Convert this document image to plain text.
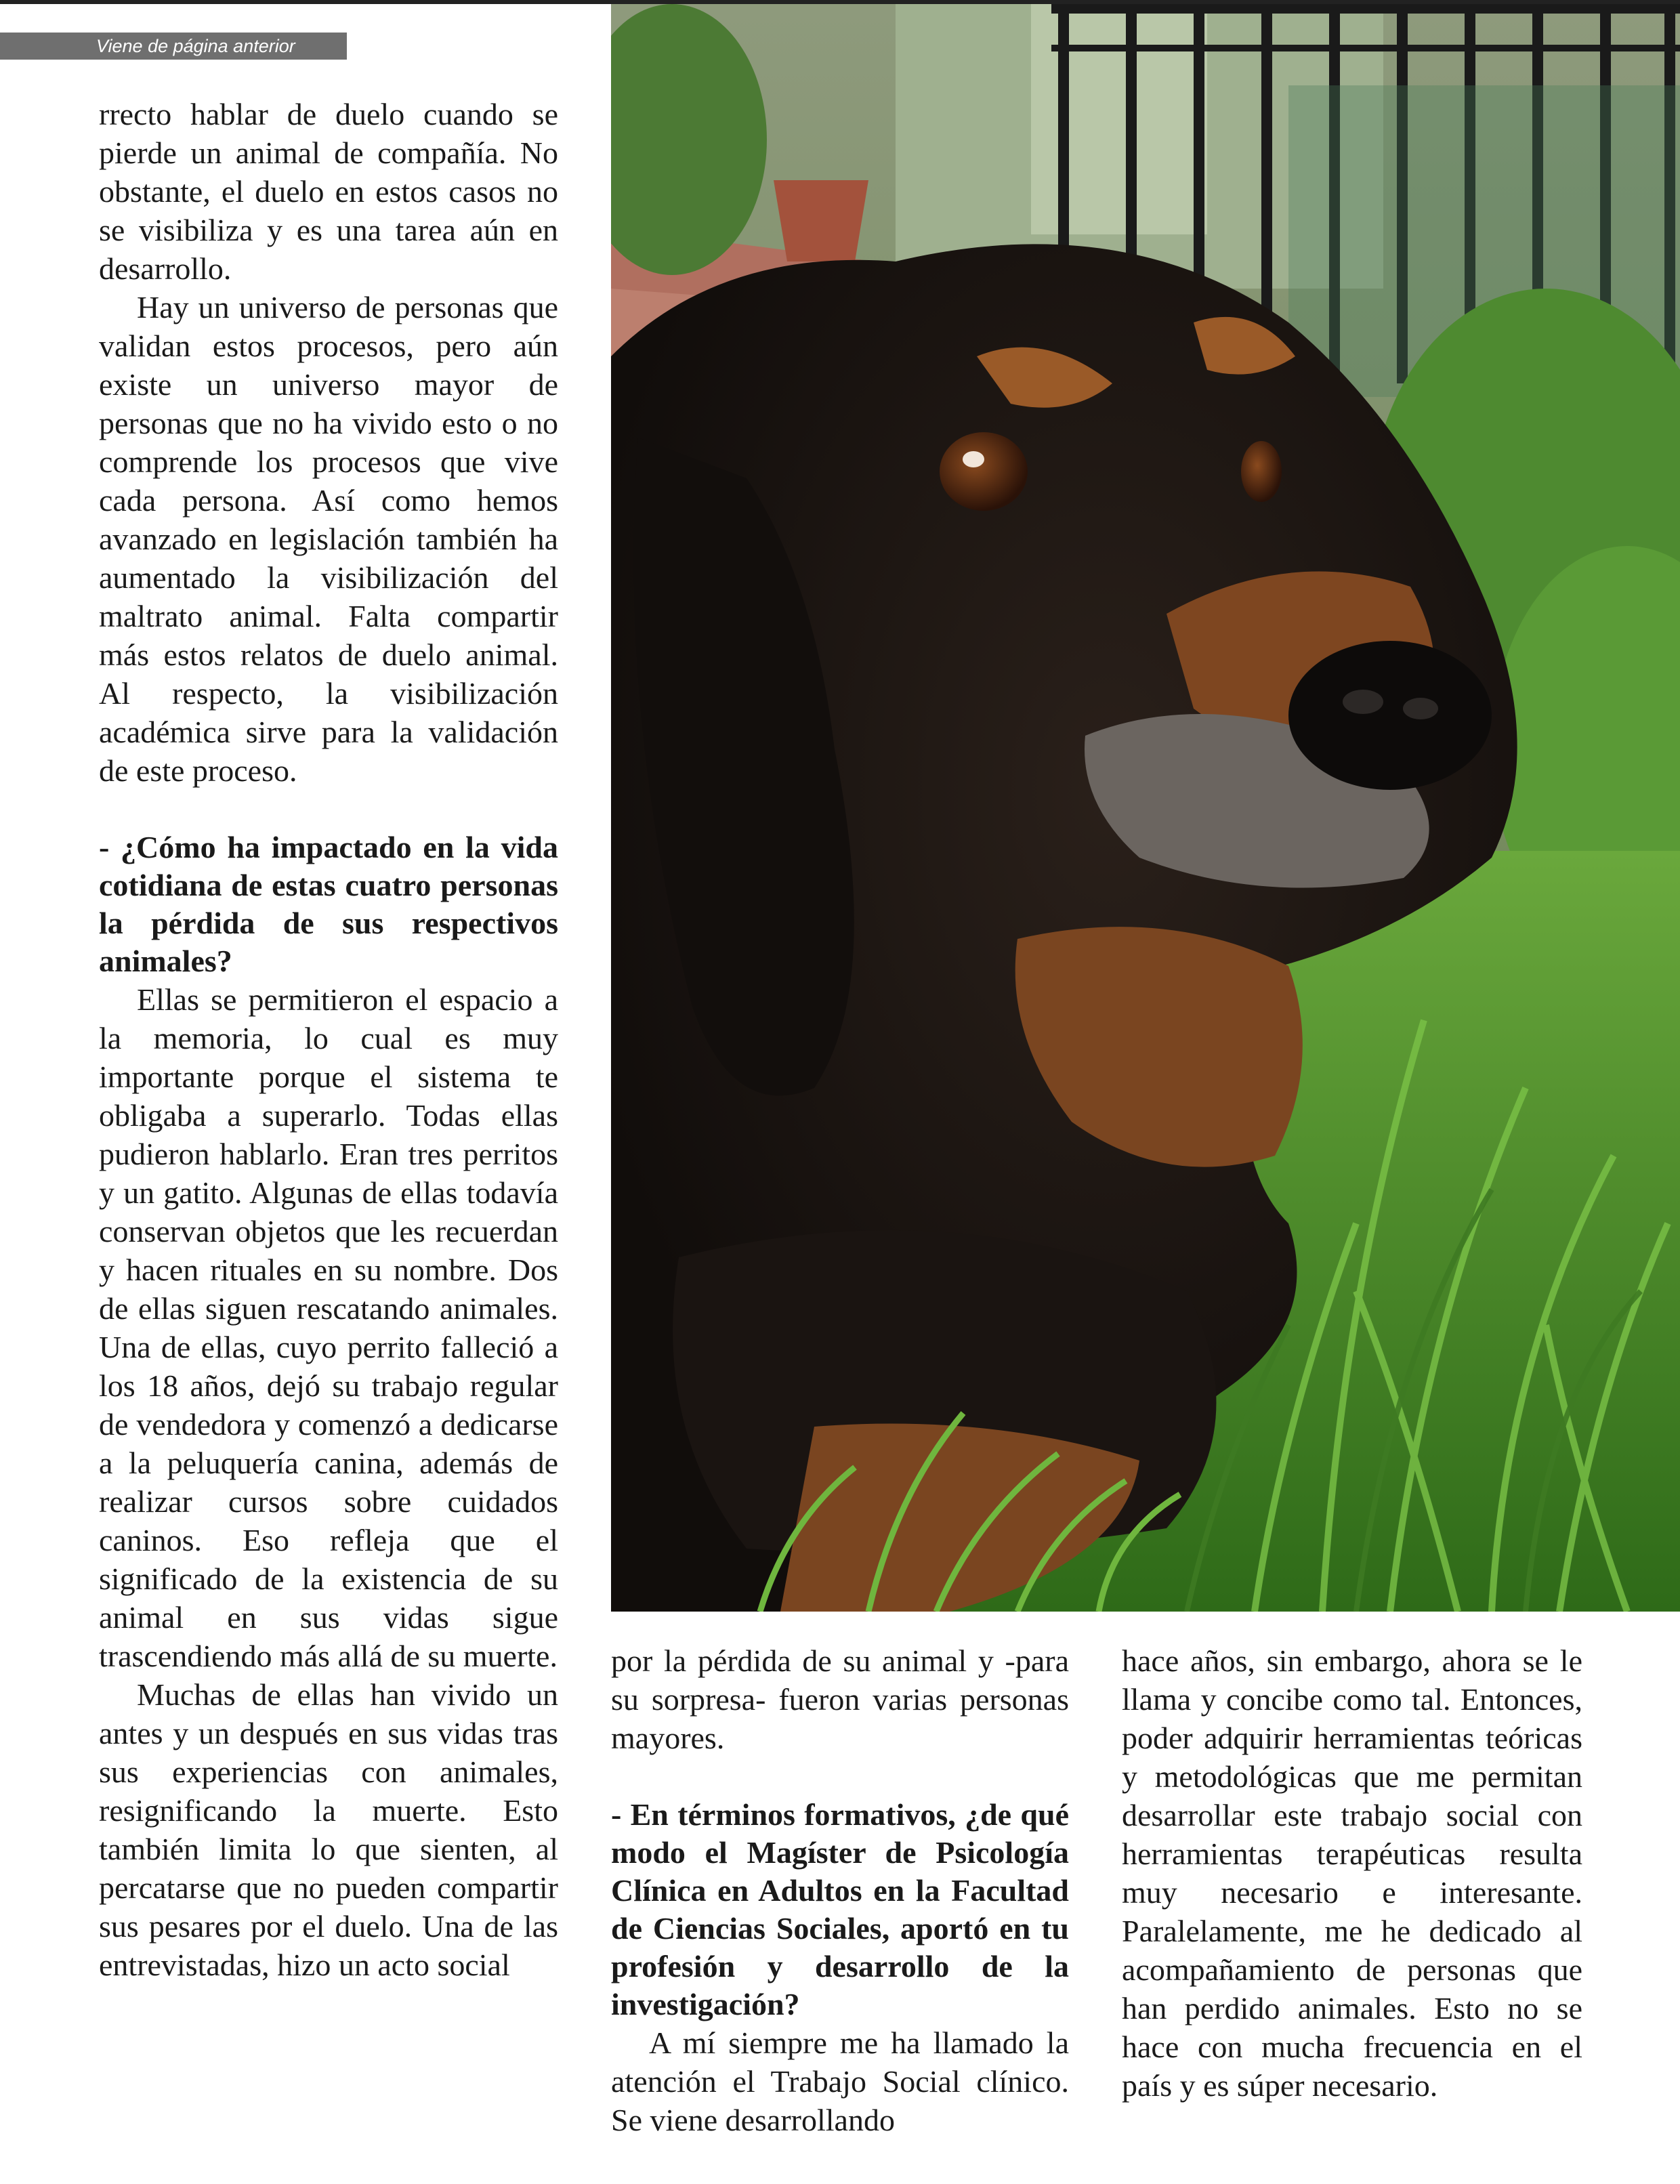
Viene de página anterior

rrecto hablar de duelo cuando se pierde un animal de compañía. No obstante, el duelo en estos casos no se visibiliza y es una tarea aún en desarrollo.

Hay un universo de personas que validan estos procesos, pero aún existe un universo mayor de personas que no ha vivido esto o no comprende los procesos que vive cada persona. Así como hemos avanzado en legislación también ha aumentado la visibilización del maltrato animal. Falta compartir más estos relatos de duelo animal. Al respecto, la visibilización académica sirve para la validación de este proceso.

- ¿Cómo ha impactado en la vida cotidiana de estas cuatro personas la pérdida de sus respectivos animales?

Ellas se permitieron el espacio a la memoria, lo cual es muy importante porque el sistema te obligaba a superarlo. Todas ellas pudieron hablarlo. Eran tres perritos y un gatito. Algunas de ellas todavía conservan objetos que les recuerdan y hacen rituales en su nombre. Dos de ellas siguen rescatando animales. Una de ellas, cuyo perrito falleció a los 18 años, dejó su trabajo regular de vendedora y comenzó a dedicarse a la peluquería canina, además de realizar cursos sobre cuidados caninos. Eso refleja que el significado de la existencia de su animal en sus vidas sigue trascendiendo más allá de su muerte.

Muchas de ellas han vivido un antes y un después en sus vidas tras sus experiencias con animales, resignificando la muerte. Esto también limita lo que sienten, al percatarse que no pueden compartir sus pesares por el duelo. Una de las entrevistadas, hizo un acto social

por la pérdida de su animal y -para su sorpresa- fueron varias personas mayores.

- En términos formativos, ¿de qué modo el Magíster de Psicología Clínica en Adultos en la Facultad de Ciencias Sociales, aportó en tu profesión y desarrollo de la investigación?

A mí siempre me ha llamado la atención el Trabajo Social clínico. Se viene desarrollando

hace años, sin embargo, ahora se le llama y concibe como tal. Entonces, poder adquirir herramientas teóricas y metodológicas que me permitan desarrollar este trabajo social con herramientas terapéuticas resulta muy necesario e interesante. Paralelamente, me he dedicado al acompañamiento de personas que han perdido animales. Esto no se hace con mucha frecuencia en el país y es súper necesario.
